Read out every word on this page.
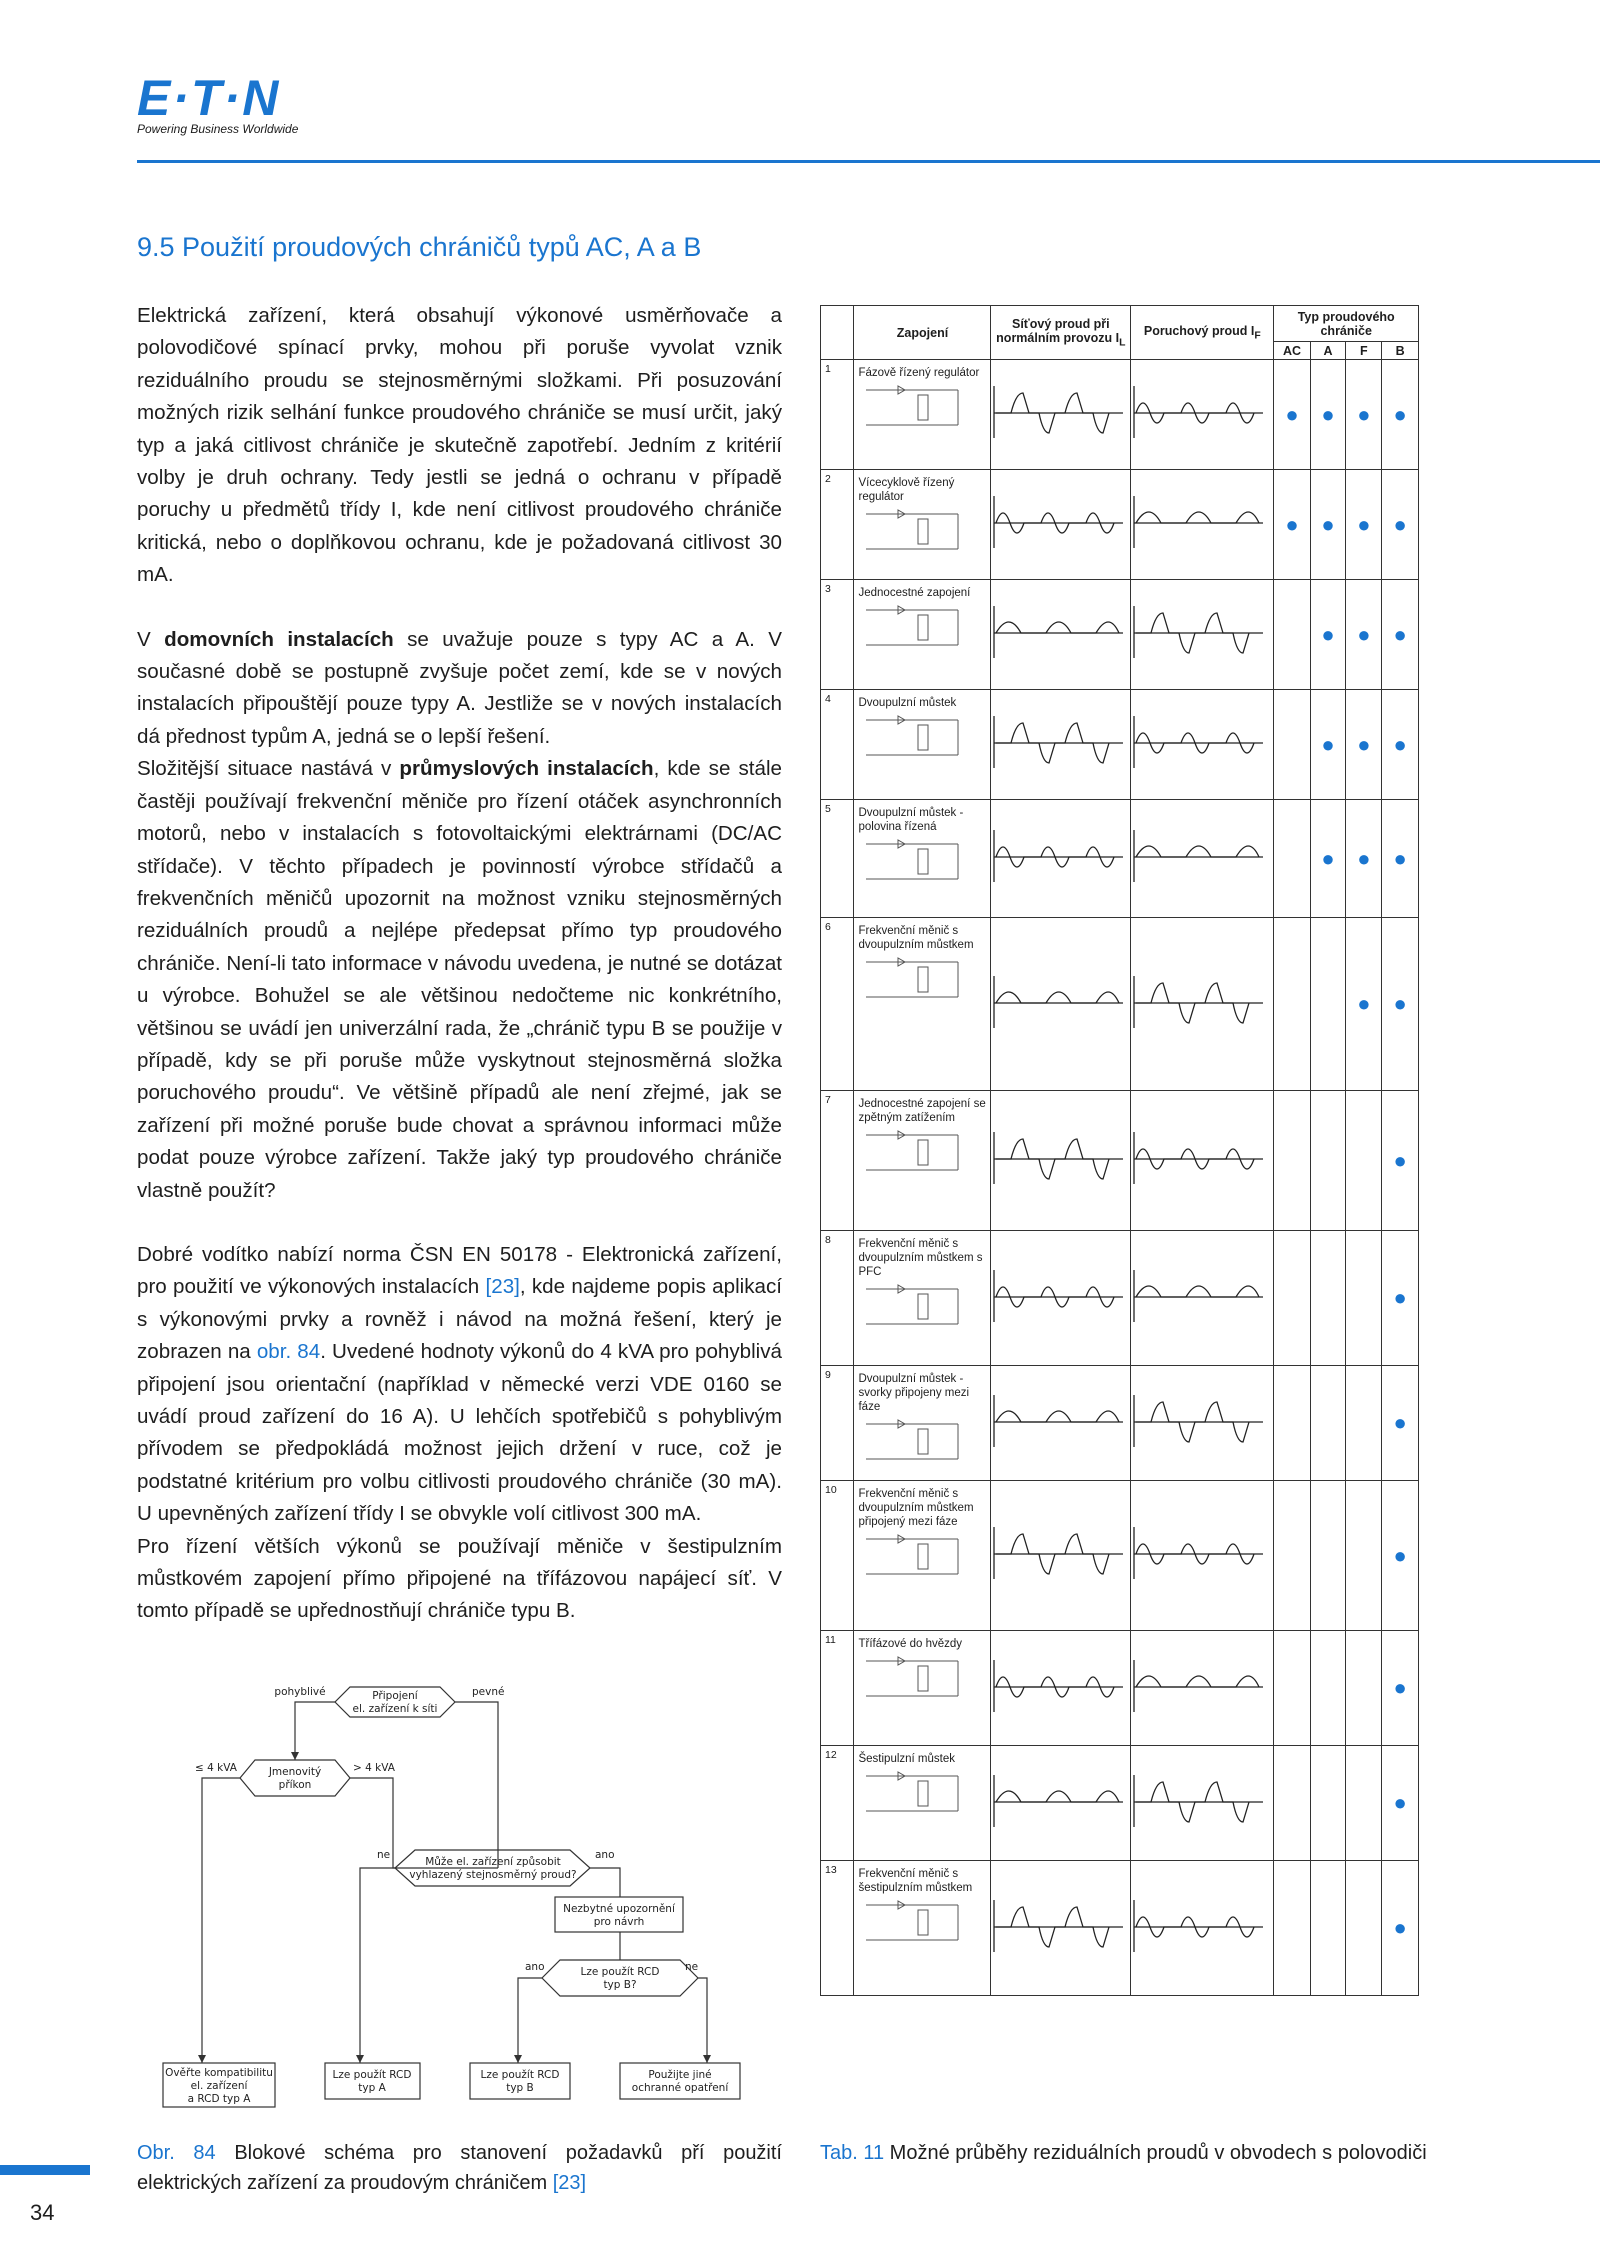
E·T·N
Powering Business Worldwide
9.5 Použití proudových chráničů typů AC, A a B

Elektrická zařízení, která obsahují výkonové usměrňovače a polovodičové spínací prvky, mohou při poruše vyvolat vznik reziduálního proudu se stejnosměrnými složkami. Při posuzování možných rizik selhání funkce proudového chrániče se musí určit, jaký typ a jaká citlivost chrániče je skutečně zapotřebí. Jedním z kritérií volby je druh ochrany. Tedy jestli se jedná o ochranu v případě poruchy u předmětů třídy I, kde není citlivost proudového chrániče kritická, nebo o doplňkovou ochranu, kde je požadovaná citlivost 30 mA.

V domovních instalacích se uvažuje pouze s typy AC a A. V současné době se postupně zvyšuje počet zemí, kde se v nových instalacích připouštějí pouze typy A. Jestliže se v nových instalacích dá přednost typům A, jedná se o lepší řešení.

Složitější situace nastává v průmyslových instalacích, kde se stále častěji používají frekvenční měniče pro řízení otáček asynchronních motorů, nebo v instalacích s fotovoltaickými elektrárnami (DC/AC střídače). V těchto případech je povinností výrobce střídačů a frekvenčních měničů upozornit na možnost vzniku stejnosměrných reziduálních proudů a nejlépe předepsat přímo typ proudového chrániče. Není-li tato informace v návodu uvedena, je nutné se dotázat u výrobce. Bohužel se ale většinou nedočteme nic konkrétního, většinou se uvádí jen univerzální rada, že „chránič typu B se použije v případě, kdy se při poruše může vyskytnout stejnosměrná složka poruchového proudu“. Ve většině případů ale není zřejmé, jak se zařízení při možné poruše bude chovat a správnou informaci může podat pouze výrobce zařízení. Takže jaký typ proudového chrániče vlastně použít?

Dobré vodítko nabízí norma ČSN EN 50178 - Elektronická zařízení, pro použití ve výkonových instalacích [23], kde najdeme popis aplikací s výkonovými prvky a rovněž i návod na možná řešení, který je zobrazen na obr. 84. Uvedené hodnoty výkonů do 4 kVA pro pohyblivá připojení jsou orientační (například v německé verzi VDE 0160 se uvádí proud zařízení do 16 A). U lehčích spotřebičů s pohyblivým přívodem se předpokládá možnost jejich držení v ruce, což je podstatné kritérium pro volbu citlivosti proudového chrániče (30 mA). U upevněných zařízení třídy I se obvykle volí citlivost 300 mA.

Pro řízení větších výkonů se používají měniče v šestipulzním můstkovém zapojení přímo připojené na třífázovou napájecí síť. V tomto případě se upřednostňují chrániče typu B.

Připojení
el. zařízení k síti
pohyblivé	pevné
Jmenovitý
příkon
≤ 4 kVA	> 4 kVA
Může el. zařízení způsobit
vyhlazený stejnosměrný proud?
ne	ano
Nezbytné upozornění
pro návrh
Lze použít RCD
typ B?
ano	ne
Ověřte kompatibilitu
el. zařízení
a RCD typ A
Lze použít RCD
typ A
Lze použít RCD
typ B
Použijte jiné
ochranné opatření
Obr. 84 Blokové schéma pro stanovení požadavků pří použití elektrických zařízení za proudovým chráničem [23]
	Zapojení	Síťový proud při normálním provozu $I_L$	Poruchový proud $I_F$	Typ proudového chrániče			
				AC	A	F	B
1	Fázově řízený regulátor			●	●	●	●
2	Vícecyklově řízený regulátor			●	●	●	●
3	Jednocestné zapojení				●	●	●
4	Dvoupulzní můstek				●	●	●
5	Dvoupulzní můstek - polovina řízená				●	●	●
6	Frekvenční měnič s dvoupulzním můstkem					●	●
7	Jednocestné zapojení se zpětným zatížením						●
8	Frekvenční měnič s dvoupulzním můstkem s PFC						●
9	Dvoupulzní můstek - svorky připojeny mezi fáze						●
10	Frekvenční měnič s dvoupulzním můstkem připojený mezi fáze						●
11	Třífázové do hvězdy						●
12	Šestipulzní můstek						●
13	Frekvenční měnič s šestipulzním můstkem						●
Tab. 11 Možné průběhy reziduálních proudů v obvodech s polovodiči
34
